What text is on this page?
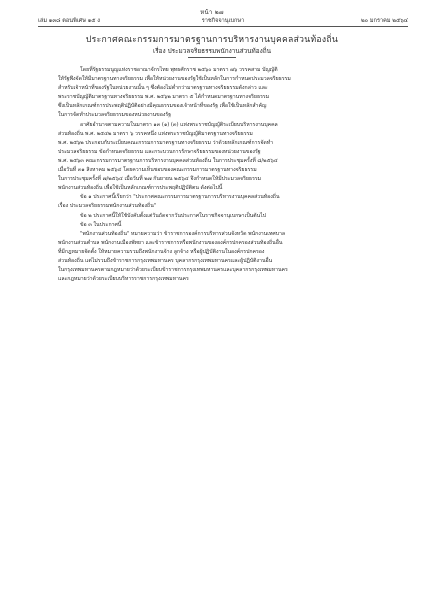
หน้า ๒๗
เล่ม ๑๓๘ ตอนพิเศษ ๑๕ ง	ราชกิจจานุเบกษา	๒๐ มกราคม ๒๕๖๔
ประกาศคณะกรรมการมาตรฐานการบริหารงานบุคคลส่วนท้องถิ่น
เรื่อง ประมวลจริยธรรมพนักงานส่วนท้องถิ่น

โดยที่รัฐธรรมนูญแห่งราชอาณาจักรไทย พุทธศักราช ๒๕๖๐ มาตรา ๗๖ วรรคสาม บัญญัติ

ให้รัฐพึงจัดให้มีมาตรฐานทางจริยธรรม เพื่อให้หน่วยงานของรัฐใช้เป็นหลักในการกำหนดประมวลจริยธรรม

สำหรับเจ้าหน้าที่ของรัฐในหน่วยงานนั้น ๆ ซึ่งต้องไม่ต่ำกว่ามาตรฐานทางจริยธรรมดังกล่าว และ

พระราชบัญญัติมาตรฐานทางจริยธรรม พ.ศ. ๒๕๖๒ มาตรา ๕ ได้กำหนดมาตรฐานทางจริยธรรม

ซึ่งเป็นหลักเกณฑ์การประพฤติปฏิบัติอย่างมีคุณธรรมของเจ้าหน้าที่ของรัฐ เพื่อใช้เป็นหลักสำคัญ

ในการจัดทำประมวลจริยธรรมของหน่วยงานของรัฐ

อาศัยอำนาจตามความในมาตรา ๑๓ (๑) (๓) แห่งพระราชบัญญัติระเบียบบริหารงานบุคคล

ส่วนท้องถิ่น พ.ศ. ๒๕๔๒ มาตรา ๖ วรรคหนึ่ง แห่งพระราชบัญญัติมาตรฐานทางจริยธรรม

พ.ศ. ๒๕๖๒ ประกอบกับระเบียบคณะกรรมการมาตรฐานทางจริยธรรม ว่าด้วยหลักเกณฑ์การจัดทำ

ประมวลจริยธรรม ข้อกำหนดจริยธรรม และกระบวนการรักษาจริยธรรมของหน่วยงานของรัฐ

พ.ศ. ๒๕๖๓ คณะกรรมการมาตรฐานการบริหารงานบุคคลส่วนท้องถิ่น ในการประชุมครั้งที่ ๘/๒๕๖๔

เมื่อวันที่ ๓๑ สิงหาคม ๒๕๖๔ โดยความเห็นชอบของคณะกรรมการมาตรฐานทางจริยธรรม

ในการประชุมครั้งที่ ๗/๒๕๖๔ เมื่อวันที่ ๒๗ กันยายน ๒๕๖๔ จึงกำหนดให้มีประมวลจริยธรรม

พนักงานส่วนท้องถิ่น เพื่อใช้เป็นหลักเกณฑ์การประพฤติปฏิบัติตน ดังต่อไปนี้

ข้อ ๑ ประกาศนี้เรียกว่า "ประกาศคณะกรรมการมาตรฐานการบริหารงานบุคคลส่วนท้องถิ่น

เรื่อง ประมวลจริยธรรมพนักงานส่วนท้องถิ่น"

ข้อ ๒ ประกาศนี้ให้ใช้บังคับตั้งแต่วันถัดจากวันประกาศในราชกิจจานุเบกษาเป็นต้นไป

ข้อ ๓ ในประกาศนี้

"พนักงานส่วนท้องถิ่น" หมายความว่า ข้าราชการองค์การบริหารส่วนจังหวัด พนักงานเทศบาล

พนักงานส่วนตำบล พนักงานเมืองพัทยา และข้าราชการหรือพนักงานขององค์กรปกครองส่วนท้องถิ่นอื่น

ที่มีกฎหมายจัดตั้ง ให้หมายความรวมถึงพนักงานจ้าง ลูกจ้าง หรือผู้ปฏิบัติงานในองค์กรปกครอง

ส่วนท้องถิ่น แต่ไม่รวมถึงข้าราชการกรุงเทพมหานคร บุคลากรกรุงเทพมหานครและผู้ปฏิบัติงานอื่น

ในกรุงเทพมหานครตามกฎหมายว่าด้วยระเบียบข้าราชการกรุงเทพมหานครและบุคลากรกรุงเทพมหานคร

และกฎหมายว่าด้วยระเบียบบริหารราชการกรุงเทพมหานคร
